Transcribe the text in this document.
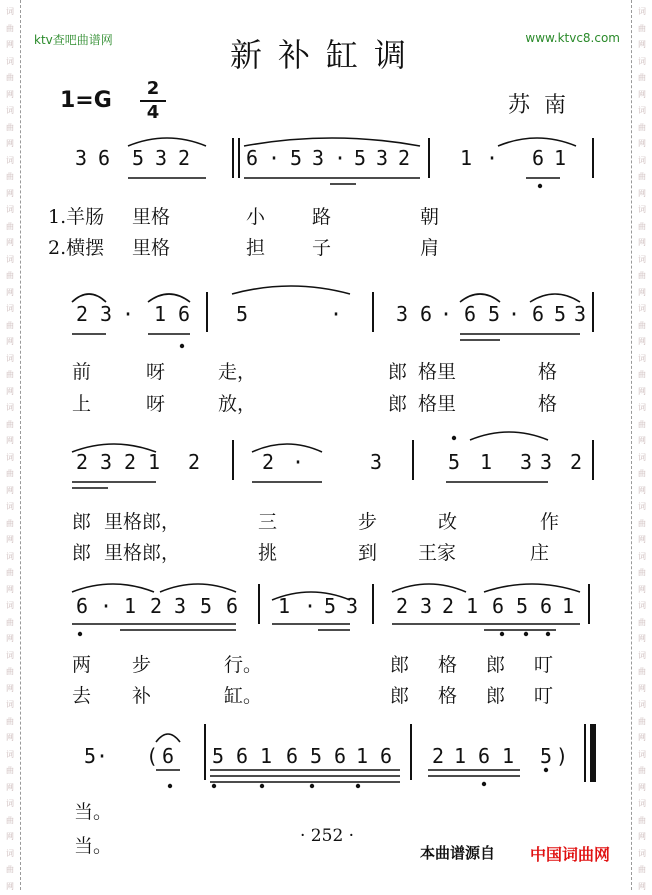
词
曲
网
词
曲
网
词
曲
网
词
曲
网
词
曲
网
词
曲
网
词
曲
网
词
曲
网
词
曲
网
词
曲
网
词
曲
网
词
曲
网
词
曲
网
词
曲
网
词
曲
网
词
曲
网
词
曲
网
词
曲
网
词
曲
网
词
曲
网
词
曲
网
词
曲
网
词
曲
网
词
曲
网
词
曲
网
词
曲
网
词
曲
网
词
曲
网
词
曲
网
词
曲
网
词
曲
网
词
曲
网
词
曲
网
词
曲
网
词
曲
网
词
曲
网
ktv查吧曲谱网	www.ktvc8.com
新补缸调
1=G	2
4	苏南
3 6 5 3 2	6 · 5 3 · 5 3 2 1 · 6 1
1.羊肠 里格	小 路	朝
2.横摆 里格	担 子	肩
2 3 · 1 6 5	·	3 6 · 6 5 · 6 5 3
前	呀	走，	郎 格里	格
上	呀	放，	郎 格里	格
2 3 2 1 2	2 ·	3	5 1 3 3 2
郎 里格郎，	三	步	改	作
郎 里格郎，	挑	到 王家	庄
6 · 1 2 3 5 6 1 · 5 3 2 3 2 1 6 5 6 1
两 步	行。	郎 格 郎 叮
去 补	缸。	郎 格 郎 叮
5 · ( 6 5 6 1 6 5 6 1 6 2 1 6 1 5 )
当。
当。	· 252 ·
本曲谱源自 中国词曲网
